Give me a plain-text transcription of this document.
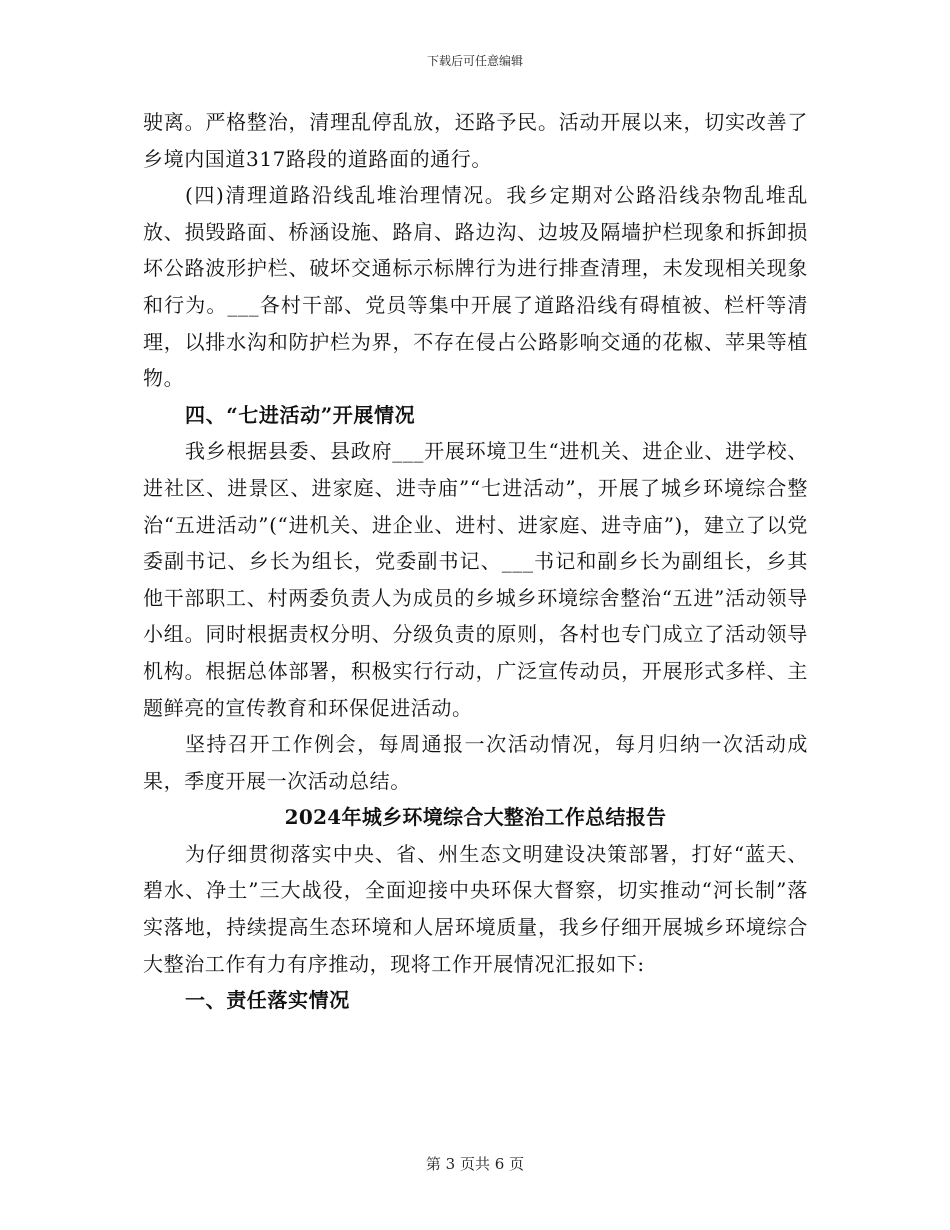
下载后可任意编辑

驶离。严格整治，清理乱停乱放，还路予民。活动开展以来，切实改善了乡境内国道317路段的道路面的通行。

(四)清理道路沿线乱堆治理情况。我乡定期对公路沿线杂物乱堆乱放、损毁路面、桥涵设施、路肩、路边沟、边坡及隔墙护栏现象和拆卸损坏公路波形护栏、破坏交通标示标牌行为进行排查清理，未发现相关现象和行为。___各村干部、党员等集中开展了道路沿线有碍植被、栏杆等清理，以排水沟和防护栏为界，不存在侵占公路影响交通的花椒、苹果等植物。

四、“七进活动”开展情况

我乡根据县委、县政府___开展环境卫生“进机关、进企业、进学校、进社区、进景区、进家庭、进寺庙”“七进活动”，开展了城乡环境综合整治“五进活动”(“进机关、进企业、进村、进家庭、进寺庙”)，建立了以党委副书记、乡长为组长，党委副书记、___书记和副乡长为副组长，乡其他干部职工、村两委负责人为成员的乡城乡环境综舍整治“五进”活动领导小组。同时根据责权分明、分级负责的原则，各村也专门成立了活动领导机构。根据总体部署，积极实行行动，广泛宣传动员，开展形式多样、主题鲜亮的宣传教育和环保促进活动。

坚持召开工作例会，每周通报一次活动情况，每月归纳一次活动成果，季度开展一次活动总结。

2024年城乡环境综合大整治工作总结报告

为仔细贯彻落实中央、省、州生态文明建设决策部署，打好“蓝天、碧水、净土”三大战役，全面迎接中央环保大督察，切实推动“河长制”落实落地，持续提高生态环境和人居环境质量，我乡仔细开展城乡环境综合大整治工作有力有序推动，现将工作开展情况汇报如下:

一、责任落实情况

第 3 页共 6 页
